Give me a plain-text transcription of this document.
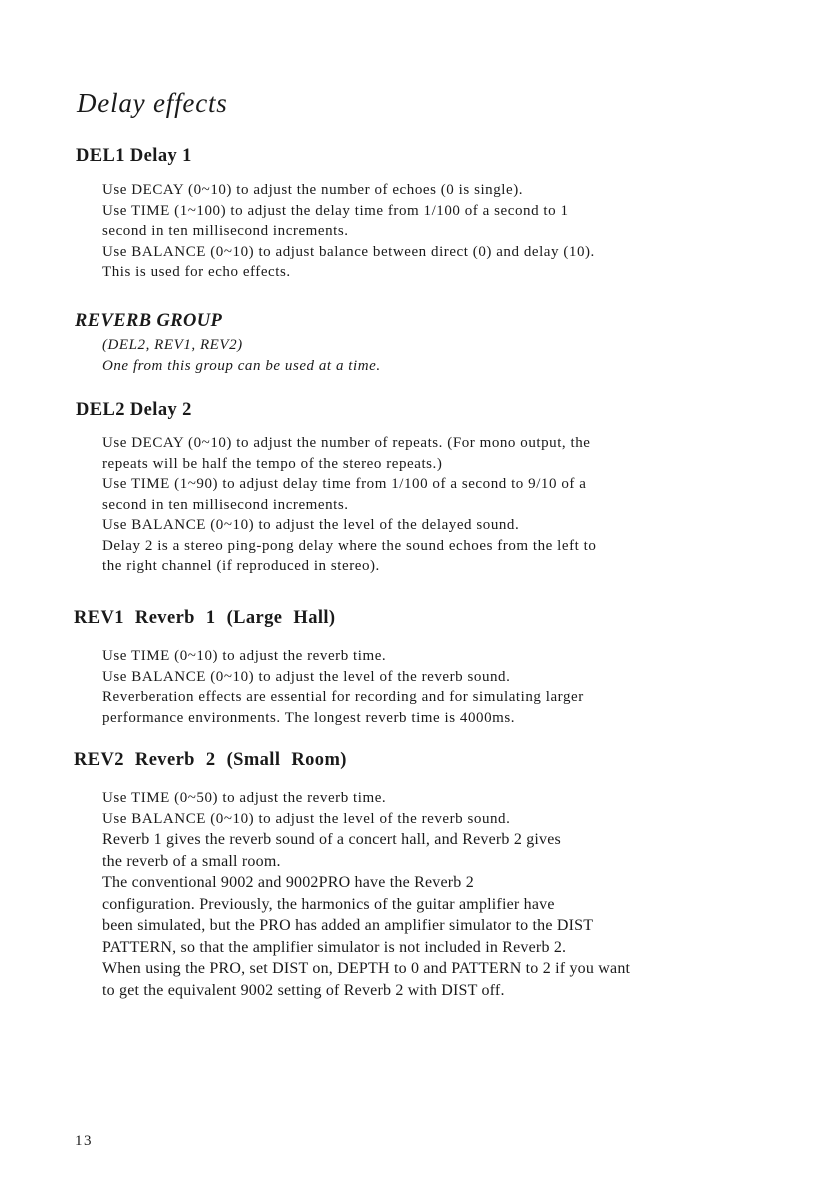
Delay effects
DEL1 Delay 1
Use DECAY (0~10) to adjust the number of echoes (0 is single).
Use TIME (1~100) to adjust the delay time from 1/100 of a second to 1
second in ten millisecond increments.
Use BALANCE (0~10) to adjust balance between direct (0) and delay (10).
This is used for echo effects.
REVERB GROUP
(DEL2, REV1, REV2)
One from this group can be used at a time.
DEL2 Delay 2
Use DECAY (0~10) to adjust the number of repeats. (For mono output, the
repeats will be half the tempo of the stereo repeats.)
Use TIME (1~90) to adjust delay time from 1/100 of a second to 9/10 of a
second in ten millisecond increments.
Use BALANCE (0~10) to adjust the level of the delayed sound.
Delay 2 is a stereo ping-pong delay where the sound echoes from the left to
the right channel (if reproduced in stereo).
REV1 Reverb 1 (Large Hall)
Use TIME (0~10) to adjust the reverb time.
Use BALANCE (0~10) to adjust the level of the reverb sound.
Reverberation effects are essential for recording and for simulating larger
performance environments. The longest reverb time is 4000ms.
REV2 Reverb 2 (Small Room)
Use TIME (0~50) to adjust the reverb time.
Use BALANCE (0~10) to adjust the level of the reverb sound.
Reverb 1 gives the reverb sound of a concert hall, and Reverb 2 gives
the reverb of a small room.
The conventional 9002 and 9002PRO have the Reverb 2
configuration. Previously, the harmonics of the guitar amplifier have
been simulated, but the PRO has added an amplifier simulator to the DIST
PATTERN, so that the amplifier simulator is not included in Reverb 2.
When using the PRO, set DIST on, DEPTH to 0 and PATTERN to 2 if you want
to get the equivalent 9002 setting of Reverb 2 with DIST off.
13
